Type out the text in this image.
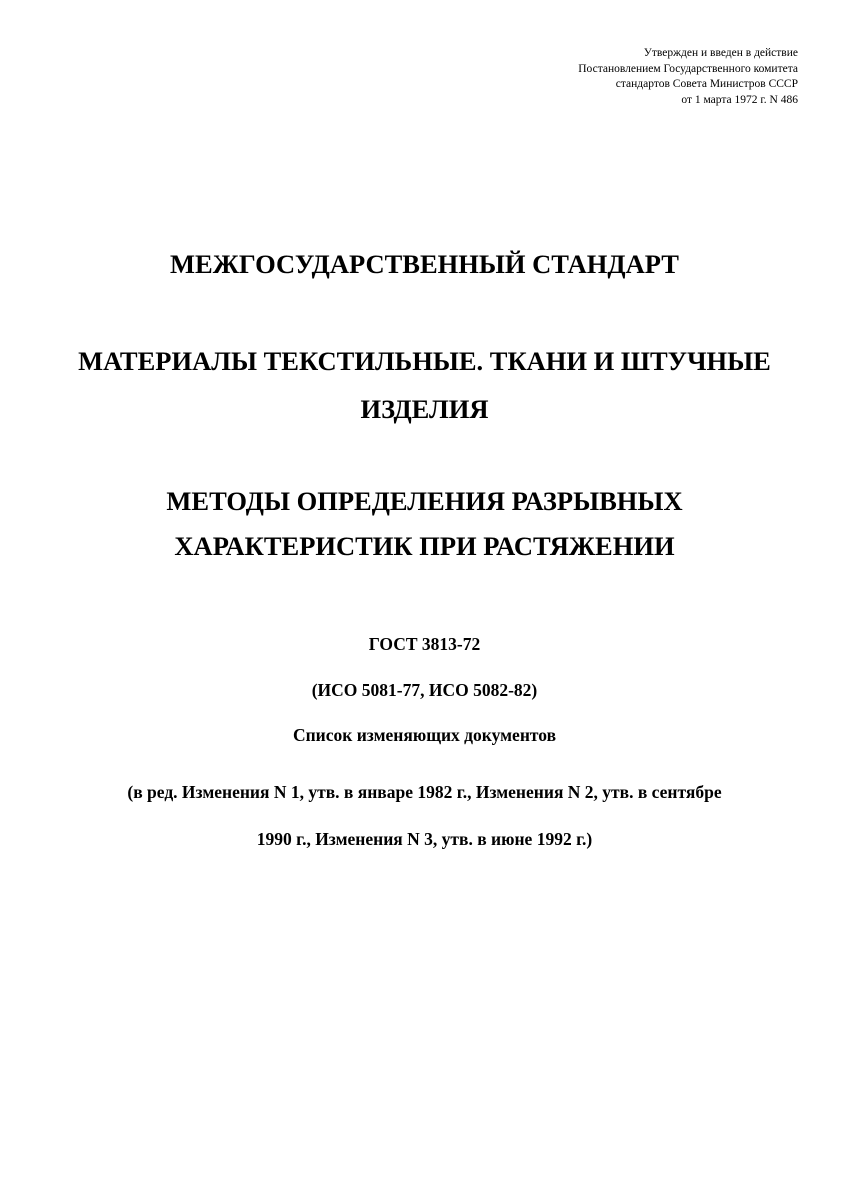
Утвержден и введен в действие
Постановлением Государственного комитета
стандартов Совета Министров СССР
от 1 марта 1972 г. N 486
МЕЖГОСУДАРСТВЕННЫЙ СТАНДАРТ
МАТЕРИАЛЫ ТЕКСТИЛЬНЫЕ. ТКАНИ И ШТУЧНЫЕ
ИЗДЕЛИЯ
МЕТОДЫ ОПРЕДЕЛЕНИЯ РАЗРЫВНЫХ
ХАРАКТЕРИСТИК ПРИ РАСТЯЖЕНИИ
ГОСТ 3813-72
(ИСО 5081-77, ИСО 5082-82)
Список изменяющих документов
(в ред. Изменения N 1, утв. в январе 1982 г., Изменения N 2, утв. в сентябре
1990 г., Изменения N 3, утв. в июне 1992 г.)
